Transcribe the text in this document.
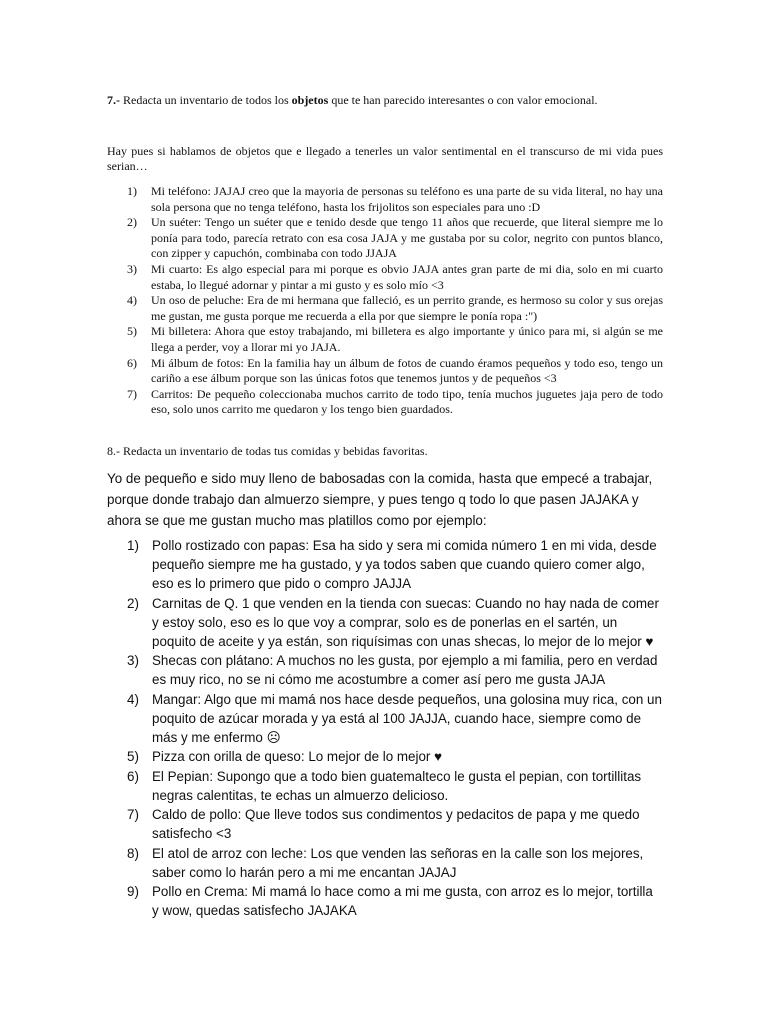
7.- Redacta un inventario de todos los objetos que te han parecido interesantes o con valor emocional.
Hay pues si hablamos de objetos que e llegado a tenerles un valor sentimental en el transcurso de mi vida pues serian…
1) Mi teléfono: JAJAJ creo que la mayoria de personas su teléfono es una parte de su vida literal, no hay una sola persona que no tenga teléfono, hasta los frijolitos son especiales para uno :D
2) Un suéter: Tengo un suéter que e tenido desde que tengo 11 años que recuerde, que literal siempre me lo ponía para todo, parecía retrato con esa cosa JAJA y me gustaba por su color, negrito con puntos blanco, con zipper y capuchón, combinaba con todo JJAJA
3) Mi cuarto: Es algo especial para mi porque es obvio JAJA antes gran parte de mi dia, solo en mi cuarto estaba, lo llegué adornar y pintar a mi gusto y es solo mío <3
4) Un oso de peluche: Era de mi hermana que falleció, es un perrito grande, es hermoso su color y sus orejas me gustan, me gusta porque me recuerda a ella por que siempre le ponía ropa :")
5) Mi billetera: Ahora que estoy trabajando, mi billetera es algo importante y único para mi, si algún se me llega a perder, voy a llorar mi yo JAJA.
6) Mi álbum de fotos: En la familia hay un álbum de fotos de cuando éramos pequeños y todo eso, tengo un cariño a ese álbum porque son las únicas fotos que tenemos juntos y de pequeños <3
7) Carritos: De pequeño coleccionaba muchos carrito de todo tipo, tenía muchos juguetes jaja pero de todo eso, solo unos carrito me quedaron y los tengo bien guardados.
8.- Redacta un inventario de todas tus comidas y bebidas favoritas.
Yo de pequeño e sido muy lleno de babosadas con la comida, hasta que empecé a trabajar, porque donde trabajo dan almuerzo siempre, y pues tengo q todo lo que pasen JAJAKA y ahora se que me gustan mucho mas platillos como por ejemplo:
1) Pollo rostizado con papas: Esa ha sido y sera mi comida número 1 en mi vida, desde pequeño siempre me ha gustado, y ya todos saben que cuando quiero comer algo, eso es lo primero que pido o compro JAJJA
2) Carnitas de Q. 1 que venden en la tienda con suecas: Cuando no hay nada de comer y estoy solo, eso es lo que voy a comprar, solo es de ponerlas en el sartén, un poquito de aceite y ya están, son riquísimas con unas shecas, lo mejor de lo mejor ♥
3) Shecas con plátano: A muchos no les gusta, por ejemplo a mi familia, pero en verdad es muy rico, no se ni cómo me acostumbre a comer así pero me gusta JAJA
4) Mangar: Algo que mi mamá nos hace desde pequeños, una golosina muy rica, con un poquito de azúcar morada y ya está al 100 JAJJA, cuando hace, siempre como de más y me enfermo ☹
5) Pizza con orilla de queso: Lo mejor de lo mejor ♥
6) El Pepian: Supongo que a todo bien guatemalteco le gusta el pepian, con tortillitas negras calentitas, te echas un almuerzo delicioso.
7) Caldo de pollo: Que lleve todos sus condimentos y pedacitos de papa y me quedo satisfecho <3
8) El atol de arroz con leche: Los que venden las señoras en la calle son los mejores, saber como lo harán pero a mi me encantan JAJAJ
9) Pollo en Crema: Mi mamá lo hace como a mi me gusta, con arroz es lo mejor, tortilla y wow, quedas satisfecho JAJAKA
